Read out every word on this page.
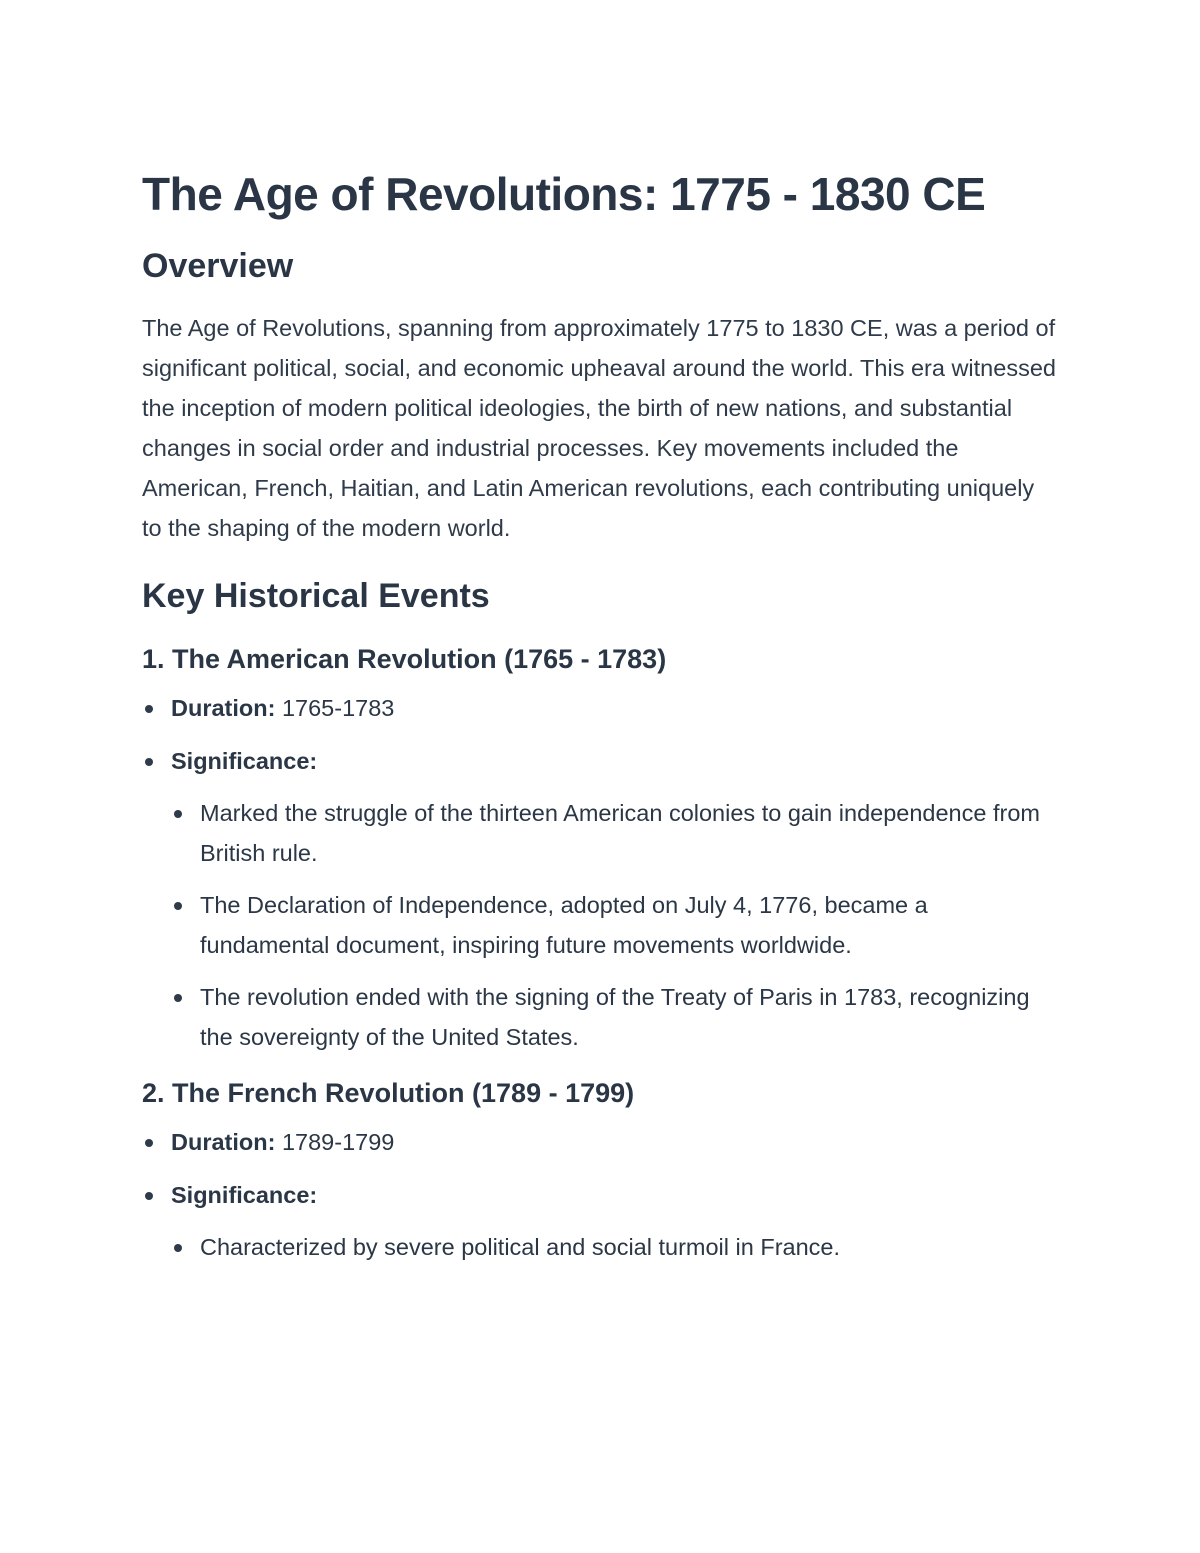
The Age of Revolutions: 1775 - 1830 CE
Overview

The Age of Revolutions, spanning from approximately 1775 to 1830 CE, was a period of significant political, social, and economic upheaval around the world. This era witnessed the inception of modern political ideologies, the birth of new nations, and substantial changes in social order and industrial processes. Key movements included the American, French, Haitian, and Latin American revolutions, each contributing uniquely to the shaping of the modern world.

Key Historical Events
1. The American Revolution (1765 - 1783)
Duration: 1765-1783
Significance:
Marked the struggle of the thirteen American colonies to gain independence from British rule.
The Declaration of Independence, adopted on July 4, 1776, became a fundamental document, inspiring future movements worldwide.
The revolution ended with the signing of the Treaty of Paris in 1783, recognizing the sovereignty of the United States.
2. The French Revolution (1789 - 1799)
Duration: 1789-1799
Significance:
Characterized by severe political and social turmoil in France.
